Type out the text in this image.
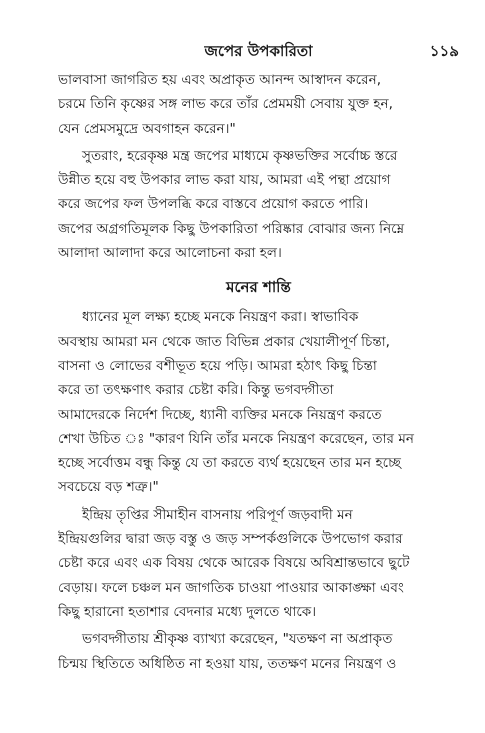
জপের উপকারিতা	১১৯

ভালবাসা জাগরিত হয় এবং অপ্রাকৃত আনন্দ আস্বাদন করেন,
চরমে তিনি কৃষ্ণের সঙ্গ লাভ করে তাঁর প্রেমময়ী সেবায় যুক্ত হন,
যেন প্রেমসমুদ্রে অবগাহন করেন।"

সুতরাং, হরেকৃষ্ণ মন্ত্র জপের মাধ্যমে কৃষ্ণভক্তির সর্বোচ্চ স্তরে
উন্নীত হয়ে বহু উপকার লাভ করা যায়, আমরা এই পন্থা প্রয়োগ
করে জপের ফল উপলব্ধি করে বাস্তবে প্রয়োগ করতে পারি।
জপের অগ্রগতিমূলক কিছু উপকারিতা পরিষ্কার বোঝার জন্য নিম্নে
আলাদা আলাদা করে আলোচনা করা হল।

মনের শান্তি

ধ্যানের মূল লক্ষ্য হচ্ছে মনকে নিয়ন্ত্রণ করা। স্বাভাবিক
অবস্থায় আমরা মন থেকে জাত বিভিন্ন প্রকার খেয়ালীপূর্ণ চিন্তা,
বাসনা ও লোভের বশীভূত হয়ে পড়ি। আমরা হঠাৎ কিছু চিন্তা
করে তা তৎক্ষণাৎ করার চেষ্টা করি। কিন্তু ভগবদ্গীতা
আমাদেরকে নির্দেশ দিচ্ছে, ধ্যানী ব্যক্তির মনকে নিয়ন্ত্রণ করতে
শেখা উচিত ঃ "কারণ যিনি তাঁর মনকে নিয়ন্ত্রণ করেছেন, তার মন
হচ্ছে সর্বোত্তম বন্ধু কিন্তু যে তা করতে ব্যর্থ হয়েছেন তার মন হচ্ছে
সবচেয়ে বড় শত্রু।"

ইন্দ্রিয় তৃপ্তির সীমাহীন বাসনায় পরিপূর্ণ জড়বাদী মন
ইন্দ্রিয়গুলির দ্বারা জড় বস্তু ও জড় সম্পর্কগুলিকে উপভোগ করার
চেষ্টা করে এবং এক বিষয় থেকে আরেক বিষয়ে অবিশ্রান্তভাবে ছুটে
বেড়ায়। ফলে চঞ্চল মন জাগতিক চাওয়া পাওয়ার আকাঙ্ক্ষা এবং
কিছু হারানো হতাশার বেদনার মধ্যে দুলতে থাকে।

ভগবদ্গীতায় শ্রীকৃষ্ণ ব্যাখ্যা করেছেন, "যতক্ষণ না অপ্রাকৃত
চিন্ময় স্থিতিতে অধিষ্ঠিত না হওয়া যায়, ততক্ষণ মনের নিয়ন্ত্রণ ও
